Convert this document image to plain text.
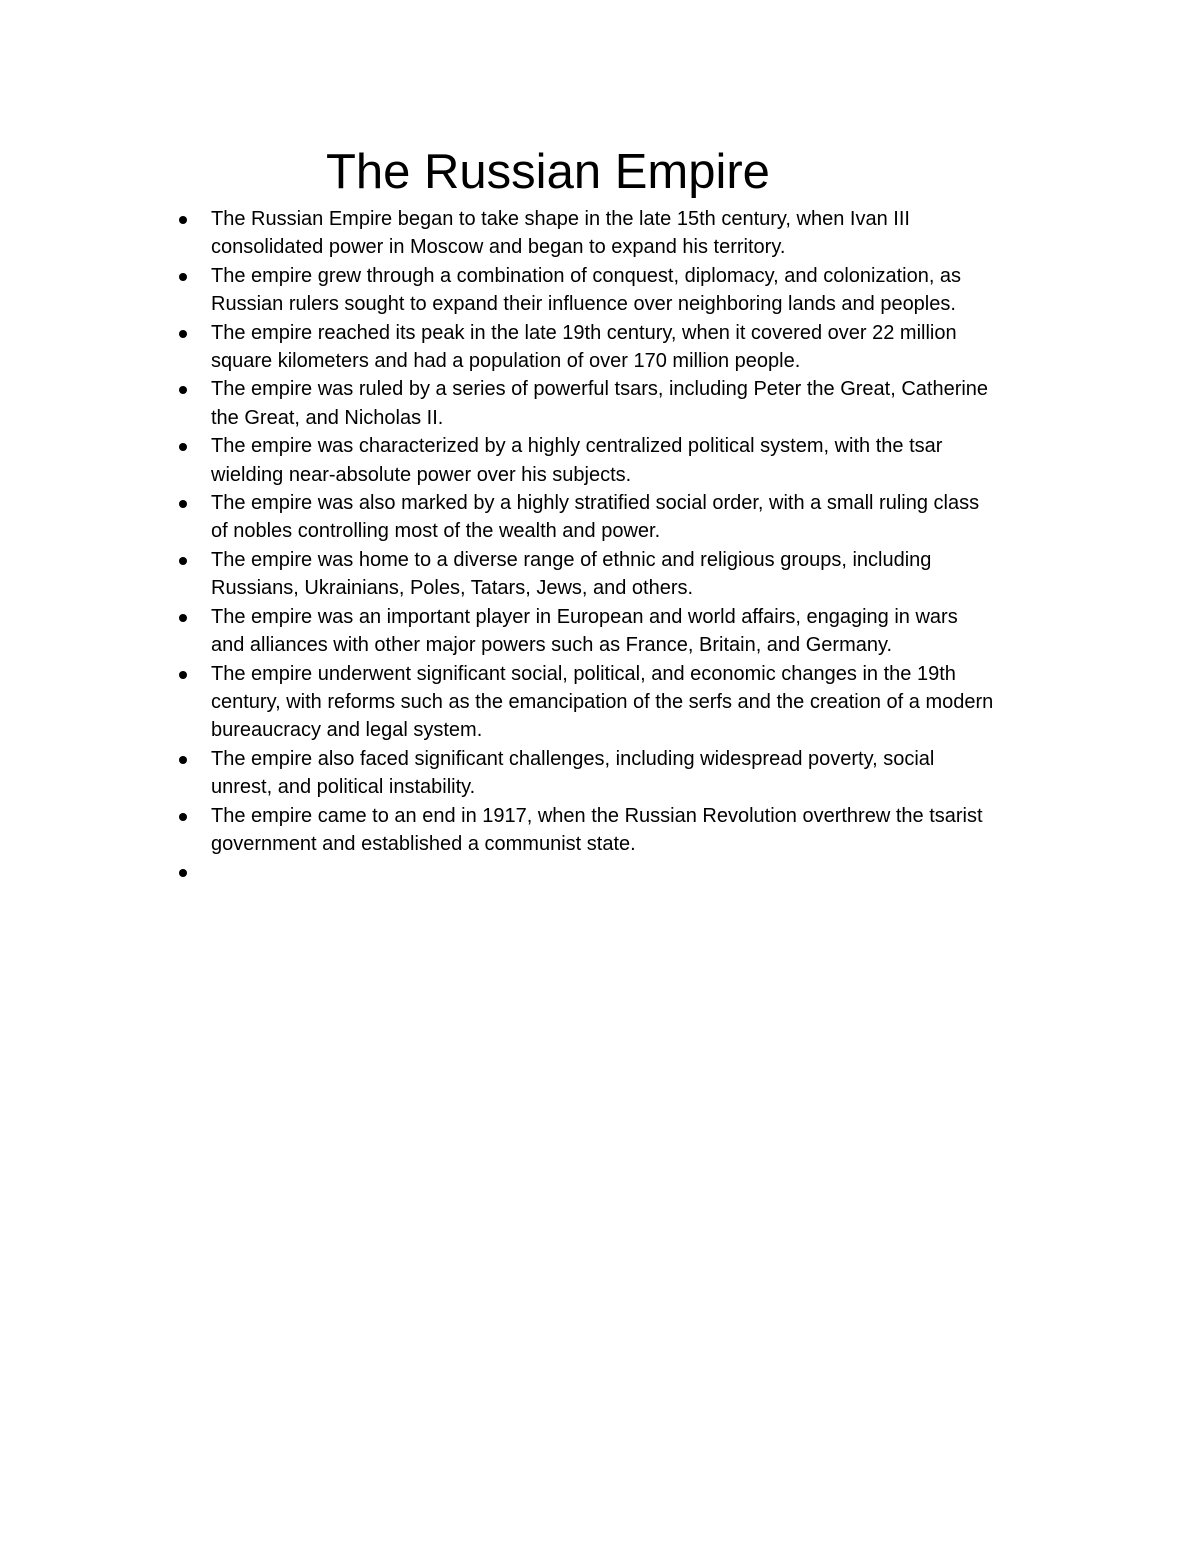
The Russian Empire
The Russian Empire began to take shape in the late 15th century, when Ivan III
consolidated power in Moscow and began to expand his territory.
The empire grew through a combination of conquest, diplomacy, and colonization, as
Russian rulers sought to expand their influence over neighboring lands and peoples.
The empire reached its peak in the late 19th century, when it covered over 22 million
square kilometers and had a population of over 170 million people.
The empire was ruled by a series of powerful tsars, including Peter the Great, Catherine
the Great, and Nicholas II.
The empire was characterized by a highly centralized political system, with the tsar
wielding near-absolute power over his subjects.
The empire was also marked by a highly stratified social order, with a small ruling class
of nobles controlling most of the wealth and power.
The empire was home to a diverse range of ethnic and religious groups, including
Russians, Ukrainians, Poles, Tatars, Jews, and others.
The empire was an important player in European and world affairs, engaging in wars
and alliances with other major powers such as France, Britain, and Germany.
The empire underwent significant social, political, and economic changes in the 19th
century, with reforms such as the emancipation of the serfs and the creation of a modern
bureaucracy and legal system.
The empire also faced significant challenges, including widespread poverty, social
unrest, and political instability.
The empire came to an end in 1917, when the Russian Revolution overthrew the tsarist
government and established a communist state.
